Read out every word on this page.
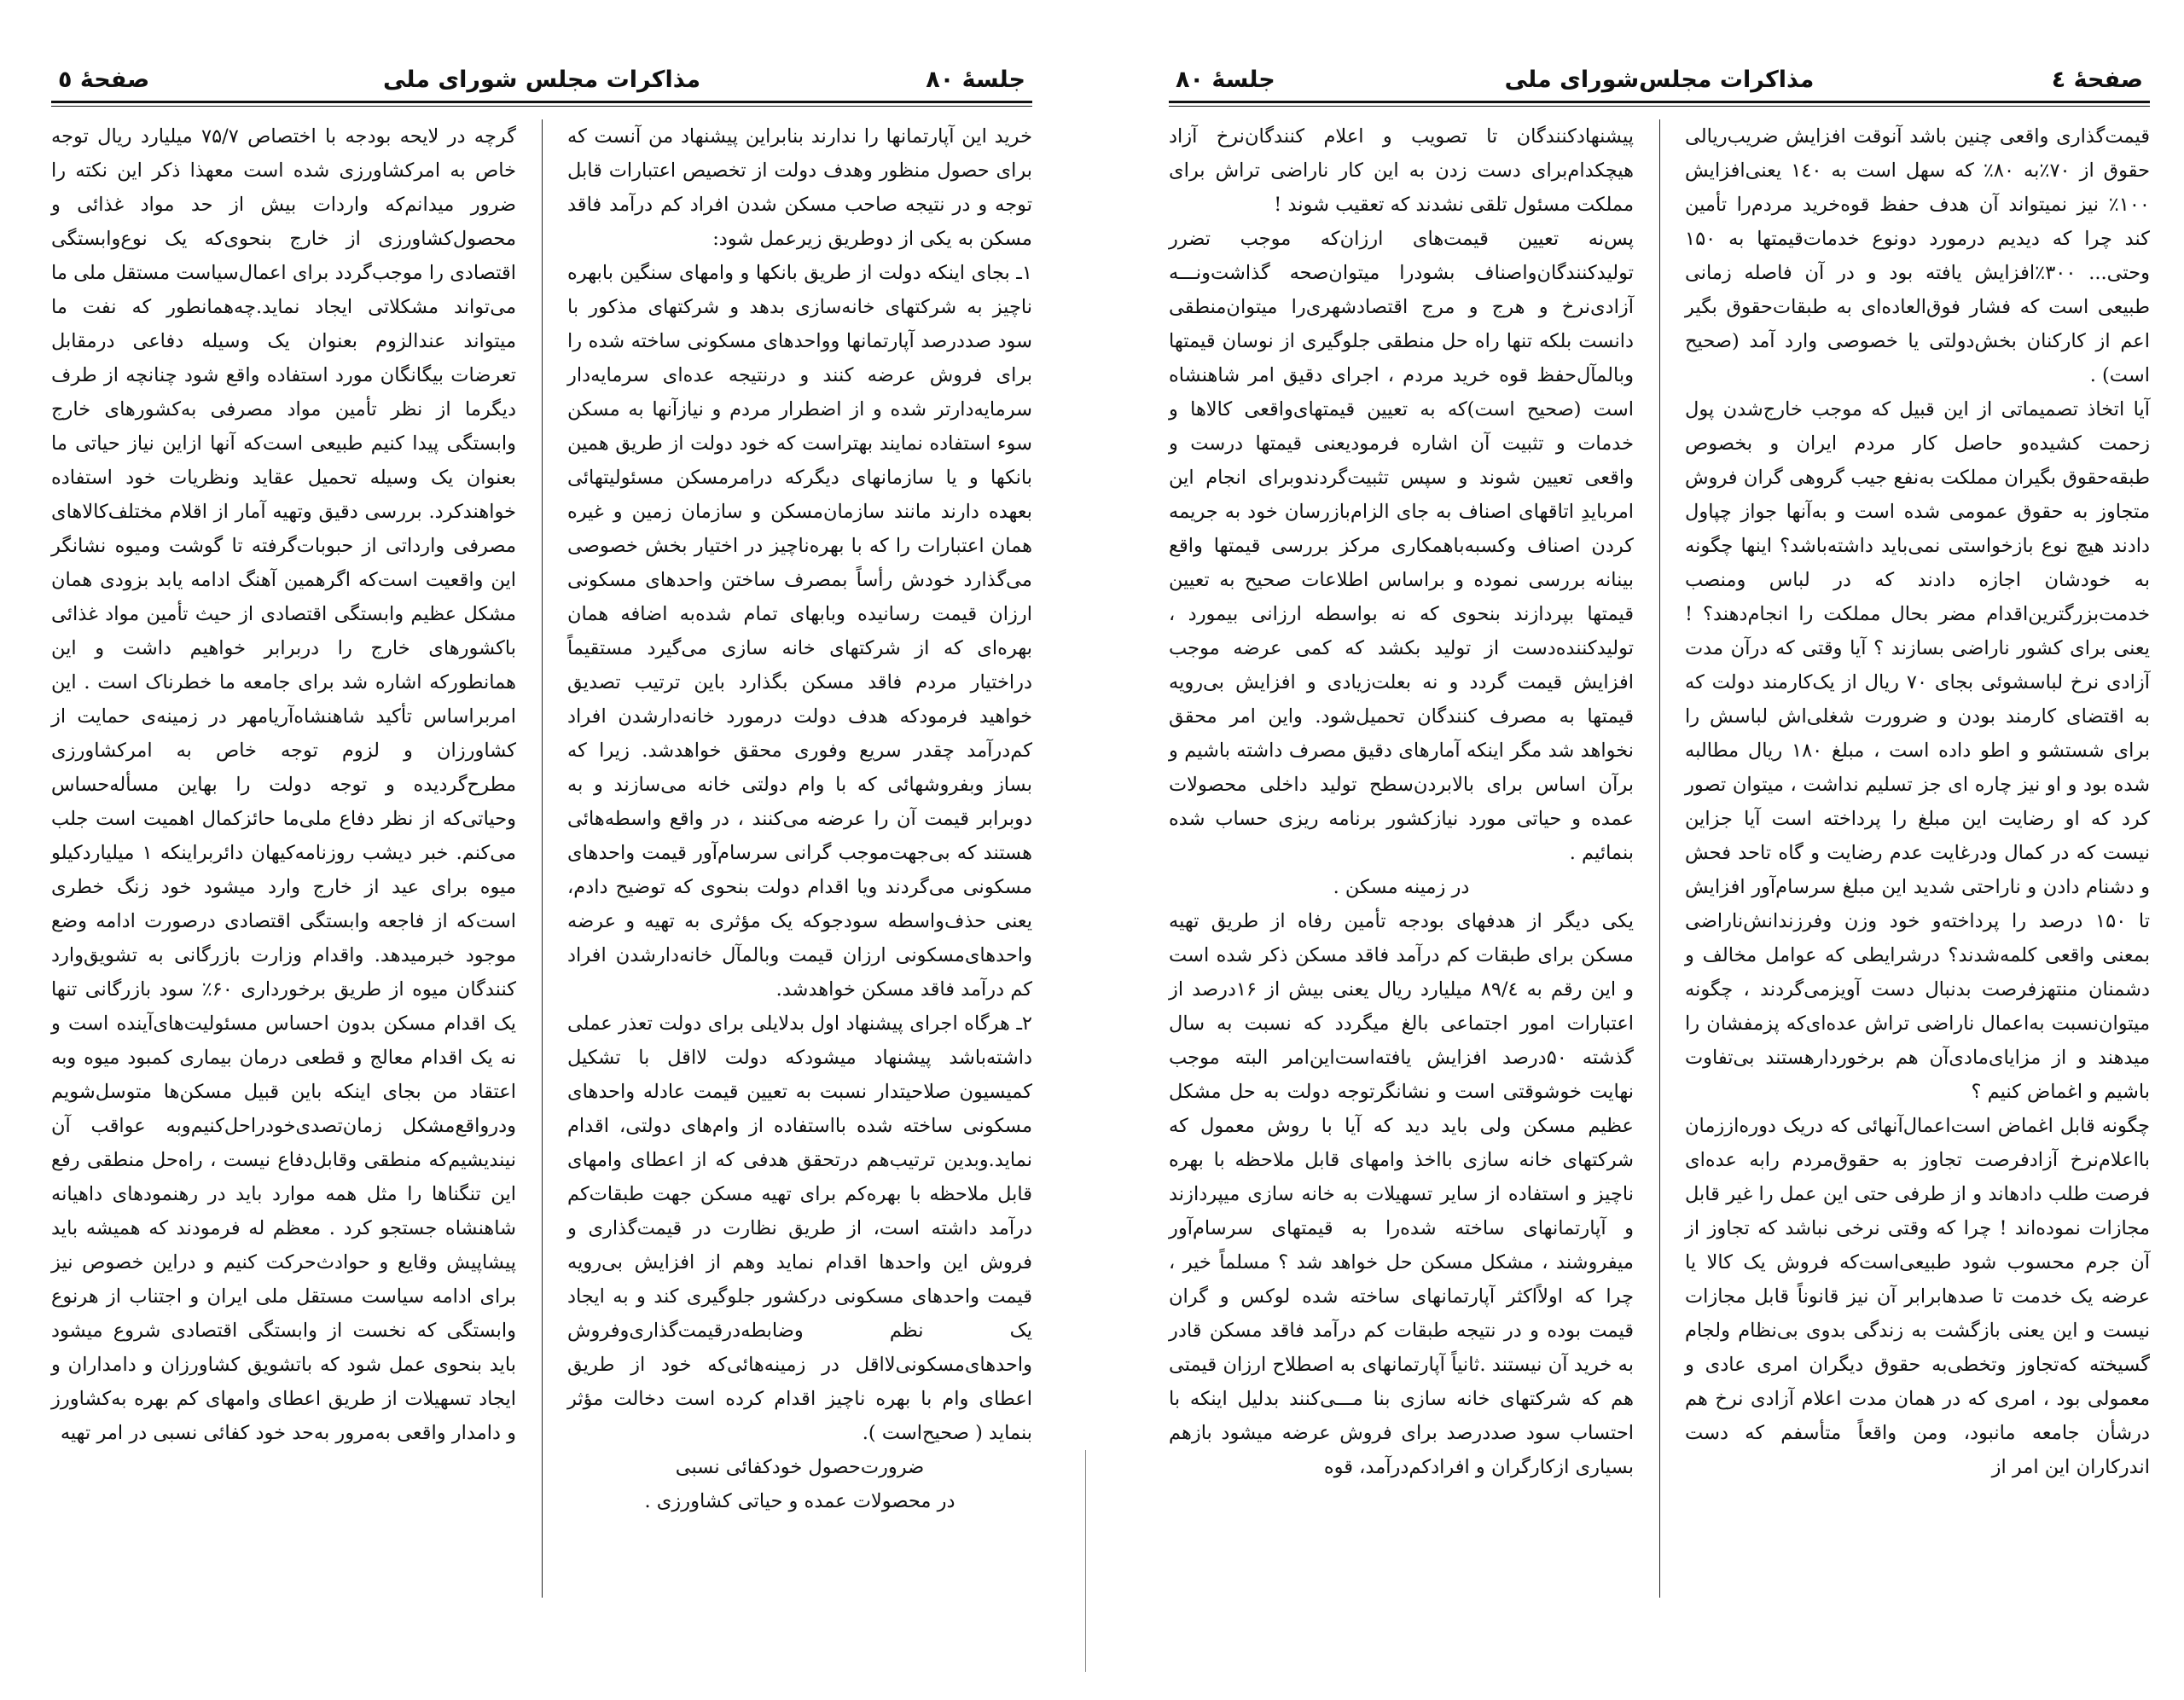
جلسهٔ ۸۰
مذاکرات مجلس شورای ملی
صفحهٔ ٥

خرید این آپارتمانها را ندارند بنابراین پیشنهاد من آنست که برای حصول منظور وهدف دولت از تخصیص اعتبارات قابل توجه و در نتیجه صاحب مسکن شدن افراد کم درآمد فاقد مسکن به یکی از دوطریق زیرعمل شود:

۱ـ بجای اینکه دولت از طریق بانکها و وامهای سنگین بابهره ناچیز به شرکتهای خانه‌سازی بدهد و شرکتهای مذکور با سود صددرصد آپارتمانها وواحدهای مسکونی ساخته شده را برای فروش عرضه کنند و درنتیجه عده‌ای سرمایه‌دار سرمایه‌دارتر شده و از اضطرار مردم و نیازآنها به مسکن سوء استفاده نمایند بهتراست که خود دولت از طریق همین بانکها و یا سازمانهای دیگرکه درامرمسکن مسئولیتهائی بعهده دارند مانند سازمان‌مسکن و سازمان زمین و غیره همان اعتبارات را که با بهره‌ناچیز در اختیار بخش خصوصی می‌گذارد خودش رأساً بمصرف ساختن واحدهای مسکونی ارزان قیمت رسانیده وبابهای تمام شده‌به اضافه همان بهره‌ای که از شرکتهای خانه سازی می‌گیرد مستقیماً دراختیار مردم فاقد مسکن بگذارد باین ترتیب تصدیق خواهید فرمودکه هدف دولت درمورد خانه‌دارشدن افراد کم‌درآمد چقدر سریع وفوری محقق خواهدشد. زیرا که بساز وبفروشهائی که با وام دولتی خانه می‌سازند و به دوبرابر قیمت آن را عرضه می‌کنند ، در واقع واسطه‌هائی هستند که بی‌جهت‌موجب گرانی سرسام‌آور قیمت واحدهای مسکونی می‌گردند ویا اقدام دولت بنحوی که توضیح دادم، یعنی حذف‌واسطه سودجوکه یک مؤثری به تهیه و عرضه واحدهای‌مسکونی ارزان قیمت وبالمآل خانه‌دارشدن افراد کم درآمد فاقد مسکن خواهدشد.

۲ـ هرگاه اجرای پیشنهاد اول بدلایلی برای دولت تعذر عملی داشته‌باشد پیشنهاد میشودکه دولت لااقل با تشکیل کمیسیون صلاحیتدار نسبت به تعیین قیمت عادله واحدهای مسکونی ساخته شده بااستفاده از وام‌های دولتی، اقدام نماید.وبدین ترتیب‌هم درتحقق هدفی که از اعطای وامهای قابل ملاحظه با بهره‌کم برای تهیه مسکن جهت طبقات‌کم درآمد داشته است، از طریق نظارت در قیمت‌گذاری و فروش این واحدها اقدام نماید وهم از افزایش بی‌رویه قیمت واحدهای مسکونی درکشور جلوگیری کند و به ایجاد یک نظم وضابطه‌درقیمت‌گذاری‌وفروش واحدهای‌مسکونی‌لااقل در زمینه‌هائی‌که خود از طریق اعطای وام با بهره ناچیز اقدام کرده است دخالت مؤثر بنماید ( صحیح‌است ).

ضرورت‌حصول خودکفائی نسبی

در محصولات عمده و حیاتی کشاورزی .

گرچه در لایحه بودجه با اختصاص ۷۵/۷ میلیارد ریال توجه خاص به امرکشاورزی شده است معهذا ذکر این نکته را ضرور میدانم‌که واردات بیش از حد مواد غذائی و محصول‌کشاورزی از خارج بنحوی‌که یک نوع‌وابستگی اقتصادی را موجب‌گردد برای اعمال‌سیاست مستقل ملی ما می‌تواند مشکلاتی ایجاد نماید.چه‌همانطور که نفت ما میتواند عندالزوم بعنوان یک وسیله دفاعی درمقابل تعرضات بیگانگان مورد استفاده واقع شود چنانچه از طرف دیگرما از نظر تأمین مواد مصرفی به‌کشورهای خارج وابستگی پیدا کنیم طبیعی است‌که آنها ازاین نیاز حیاتی ما بعنوان یک وسیله تحمیل عقاید ونظریات خود استفاده خواهندکرد. بررسی دقیق وتهیه آمار از اقلام مختلف‌کالاهای مصرفی وارداتی از حبوبات‌گرفته تا گوشت ومیوه نشانگر این واقعیت است‌که اگرهمین آهنگ ادامه یابد بزودی همان مشکل عظیم وابستگی اقتصادی از حیث تأمین مواد غذائی باکشورهای خارج را دربرابر خواهیم داشت و این همانطورکه اشاره شد برای جامعه ما خطرناک است . این امربراساس تأکید شاهنشاه‌آریامهر در زمینه‌ی حمایت از کشاورزان و لزوم توجه خاص به امرکشاورزی مطرح‌گردیده و توجه دولت را بهاین مسأله‌حساس وحیاتی‌که از نظر دفاع ملی‌ما حائزکمال اهمیت است جلب می‌کنم. خبر دیشب روزنامه‌کیهان دائربراینکه ۱ میلیاردکیلو میوه برای عید از خارج وارد میشود خود زنگ خطری است‌که از فاجعه وابستگی اقتصادی درصورت ادامه وضع موجود خبرمیدهد. واقدام وزارت بازرگانی به تشویق‌وارد کنندگان میوه از طریق برخورداری ۶۰٪ سود بازرگانی تنها یک اقدام مسکن بدون احساس مسئولیت‌های‌آینده است و نه یک اقدام معالج و قطعی درمان بیماری کمبود میوه وبه اعتقاد من بجای اینکه باین قبیل مسکن‌ها متوسل‌شویم ودرواقع‌مشکل زمان‌تصدی‌خودراحل‌کنیم‌وبه عواقب آن نیندیشیم‌که منطقی وقابل‌دفاع نیست ، راه‌حل منطقی رفع این تنگناها را مثل همه موارد باید در رهنمودهای داهیانه شاهنشاه جستجو کرد . معظم له فرمودند که همیشه باید پیشاپیش وقایع و حوادث‌حرکت کنیم و دراین خصوص نیز برای ادامه سیاست مستقل ملی ایران و اجتناب از هرنوع وابستگی که نخست از وابستگی اقتصادی شروع میشود باید بنحوی عمل شود که باتشویق کشاورزان و دامداران و ایجاد تسهیلات از طریق اعطای وامهای کم بهره به‌کشاورز و دامدار واقعی به‌مرور به‌حد خود کفائی نسبی در امر تهیه

صفحهٔ ٤
مذاکرات مجلس‌شورای ملی
جلسهٔ ۸۰

قیمت‌گذاری واقعی چنین باشد آنوقت افزایش ضریب‌ریالی حقوق از ۷۰٪به ۸۰٪ که سهل است به ۱٤۰ یعنی‌افزایش ۱۰۰٪ نیز نمیتواند آن هدف حفظ قوه‌خرید مردم‌را تأمین کند چرا که دیدیم درمورد دونوع خدمات‌قیمتها به ۱۵۰ وحتی... ۳۰۰٪افزایش یافته بود و در آن فاصله زمانی طبیعی است که فشار فوق‌العاده‌ای به طبقات‌حقوق بگیر اعم از کارکنان بخش‌دولتی یا خصوصی وارد آمد (صحیح است) .

آیا اتخاذ تصمیماتی از این قبیل که موجب خارج‌شدن پول زحمت کشیده‌و حاصل کار مردم ایران و بخصوص طبقه‌حقوق بگیران مملکت به‌نفع جیب گروهی گران فروش متجاوز به حقوق عمومی شده است و به‌آنها جواز چپاول دادند هیچ نوع بازخواستی نمی‌باید داشته‌باشد؟ اینها چگونه به خودشان اجازه دادند که در لباس ومنصب خدمت‌بزرگترین‌اقدام مضر بحال مملکت را انجام‌دهند؟ ! یعنی برای کشور ناراضی بسازند ؟ آیا وقتی که درآن مدت آزادی نرخ لباسشوئی بجای ۷۰ ریال از یک‌کارمند دولت که به اقتضای کارمند بودن و ضرورت شغلی‌اش لباسش را برای شستشو و اطو داده است ، مبلغ ۱۸۰ ریال مطالبه شده بود و او نیز چاره ای جز تسلیم نداشت ، میتوان تصور کرد که او رضایت این مبلغ را پرداخته است آیا جزاین نیست که در کمال ودرغایت عدم رضایت و گاه تاحد فحش و دشنام دادن و ناراحتی شدید این مبلغ سرسام‌آور افزایش تا ۱۵۰ درصد را پرداخته‌و خود وزن وفرزندانش‌ناراضی بمعنی واقعی کلمه‌شدند؟ درشرایطی که عوامل مخالف و دشمنان منتهزفرصت بدنبال دست آویزمی‌گردند ، چگونه میتوان‌نسبت به‌اعمال ناراضی تراش عده‌ای‌که پزمفشان را میدهند و از مزایای‌مادی‌آن هم برخوردارهستند بی‌تفاوت باشیم و اغماض کنیم ؟

چگونه قابل اغماض است‌اعمال‌آنهائی که دریک دوره‌اززمان بااعلام‌نرخ آزادفرصت تجاوز به حقوق‌مردم رابه عده‌ای فرصت طلب دادهاند و از طرفی حتی این عمل را غیر قابل مجازات نموده‌اند ! چرا که وقتی نرخی نباشد که تجاوز از آن جرم محسوب شود طبیعی‌است‌که فروش یک کالا یا عرضه یک خدمت تا صدهابرابر آن نیز قانوناً قابل مجازات نیست و این یعنی بازگشت به زندگی بدوی بی‌نظام ولجام گسیخته که‌تجاوز وتخطی‌به حقوق دیگران امری عادی و معمولی بود ، امری که در همان مدت اعلام آزادی نرخ هم درشأن جامعه مانبود، ومن واقعاً متأسفم که دست اندرکاران این امر از

پیشنهاد‌کنندگان تا تصویب و اعلام کنندگان‌نرخ آزاد هیچکدام‌برای دست زدن به این کار ناراضی تراش برای مملکت مسئول تلقی نشدند که تعقیب شوند !

پس‌نه تعیین قیمت‌های ارزان‌که موجب تضرر تولیدکنندگان‌واصناف بشودرا میتوان‌صحه گذاشت‌ونـــه آزادی‌نرخ و هرج و مرج اقتصادشهری‌را میتوان‌منطقی دانست بلکه تنها راه حل منطقی جلوگیری از نوسان قیمتها وبالمآل‌حفظ قوه خرید مردم ، اجرای دقیق امر شاهنشاه است (صحیح است)که به تعیین قیمتهای‌واقعی کالاها و خدمات و تثبیت آن اشاره فرمودیعنی قیمتها درست و واقعی تعیین شوند و سپس تثبیت‌گردندو‌برای انجام این امربایدِ اتاقهای اصناف به جای الزام‌بازرسان خود به جریمه کردن اصناف وکسبه‌باهمکاری مرکز بررسی قیمتها واقع بینانه بررسی نموده و براساس اطلاعات صحیح به تعیین قیمتها بپردازند بنحوی که نه بواسطه ارزانی بیمورد ، تولیدکننده‌دست از تولید بکشد که کمی عرضه موجب افزایش قیمت گردد و نه بعلت‌زیادی و افزایش بی‌رویه قیمتها به مصرف کنندگان تحمیل‌شود. واین امر محقق نخواهد شد مگر اینکه آمارهای دقیق مصرف داشته باشیم و برآن اساس برای بالابردن‌سطح تولید داخلی محصولات عمده و حیاتی مورد نیازکشور برنامه ریزی حساب شده بنمائیم .

در زمینه مسکن .

یکی دیگر از هدفهای بودجه تأمین رفاه از طریق تهیه مسکن برای طبقات کم درآمد فاقد مسکن ذکر شده است و این رقم به ۸۹/٤ میلیارد ریال یعنی بیش از ۱۶درصد از اعتبارات امور اجتماعی بالغ میگردد که نسبت به سال گذشته ۵۰درصد افزایش یافته‌است‌این‌امر البته موجب نهایت خوشوقتی است و نشانگرتوجه دولت به حل مشکل عظیم مسکن ولی باید دید که آیا با روش معمول که شرکتهای خانه سازی بااخذ وامهای قابل ملاحظه با بهره ناچیز و استفاده از سایر تسهیلات به خانه سازی میپردازند و آپارتمانهای ساخته شده‌را به قیمتهای سرسام‌آور میفروشند ، مشکل مسکن حل خواهد شد ؟ مسلماً خیر ، چرا که اولاًاکثر آپارتمانهای ساخته شده لوکس و گران قیمت بوده و در نتیجه طبقات کم درآمد فاقد مسکن قادر به خرید آن نیستند .ثانیاً آپارتمانهای به اصطلاح ارزان قیمتی هم که شرکتهای خانه سازی بنا مـــی‌کنند بدلیل اینکه با احتساب سود صددرصد برای فروش عرضه میشود بازهم بسیاری ازکارگران و افرادکم‌درآمد، قوه
